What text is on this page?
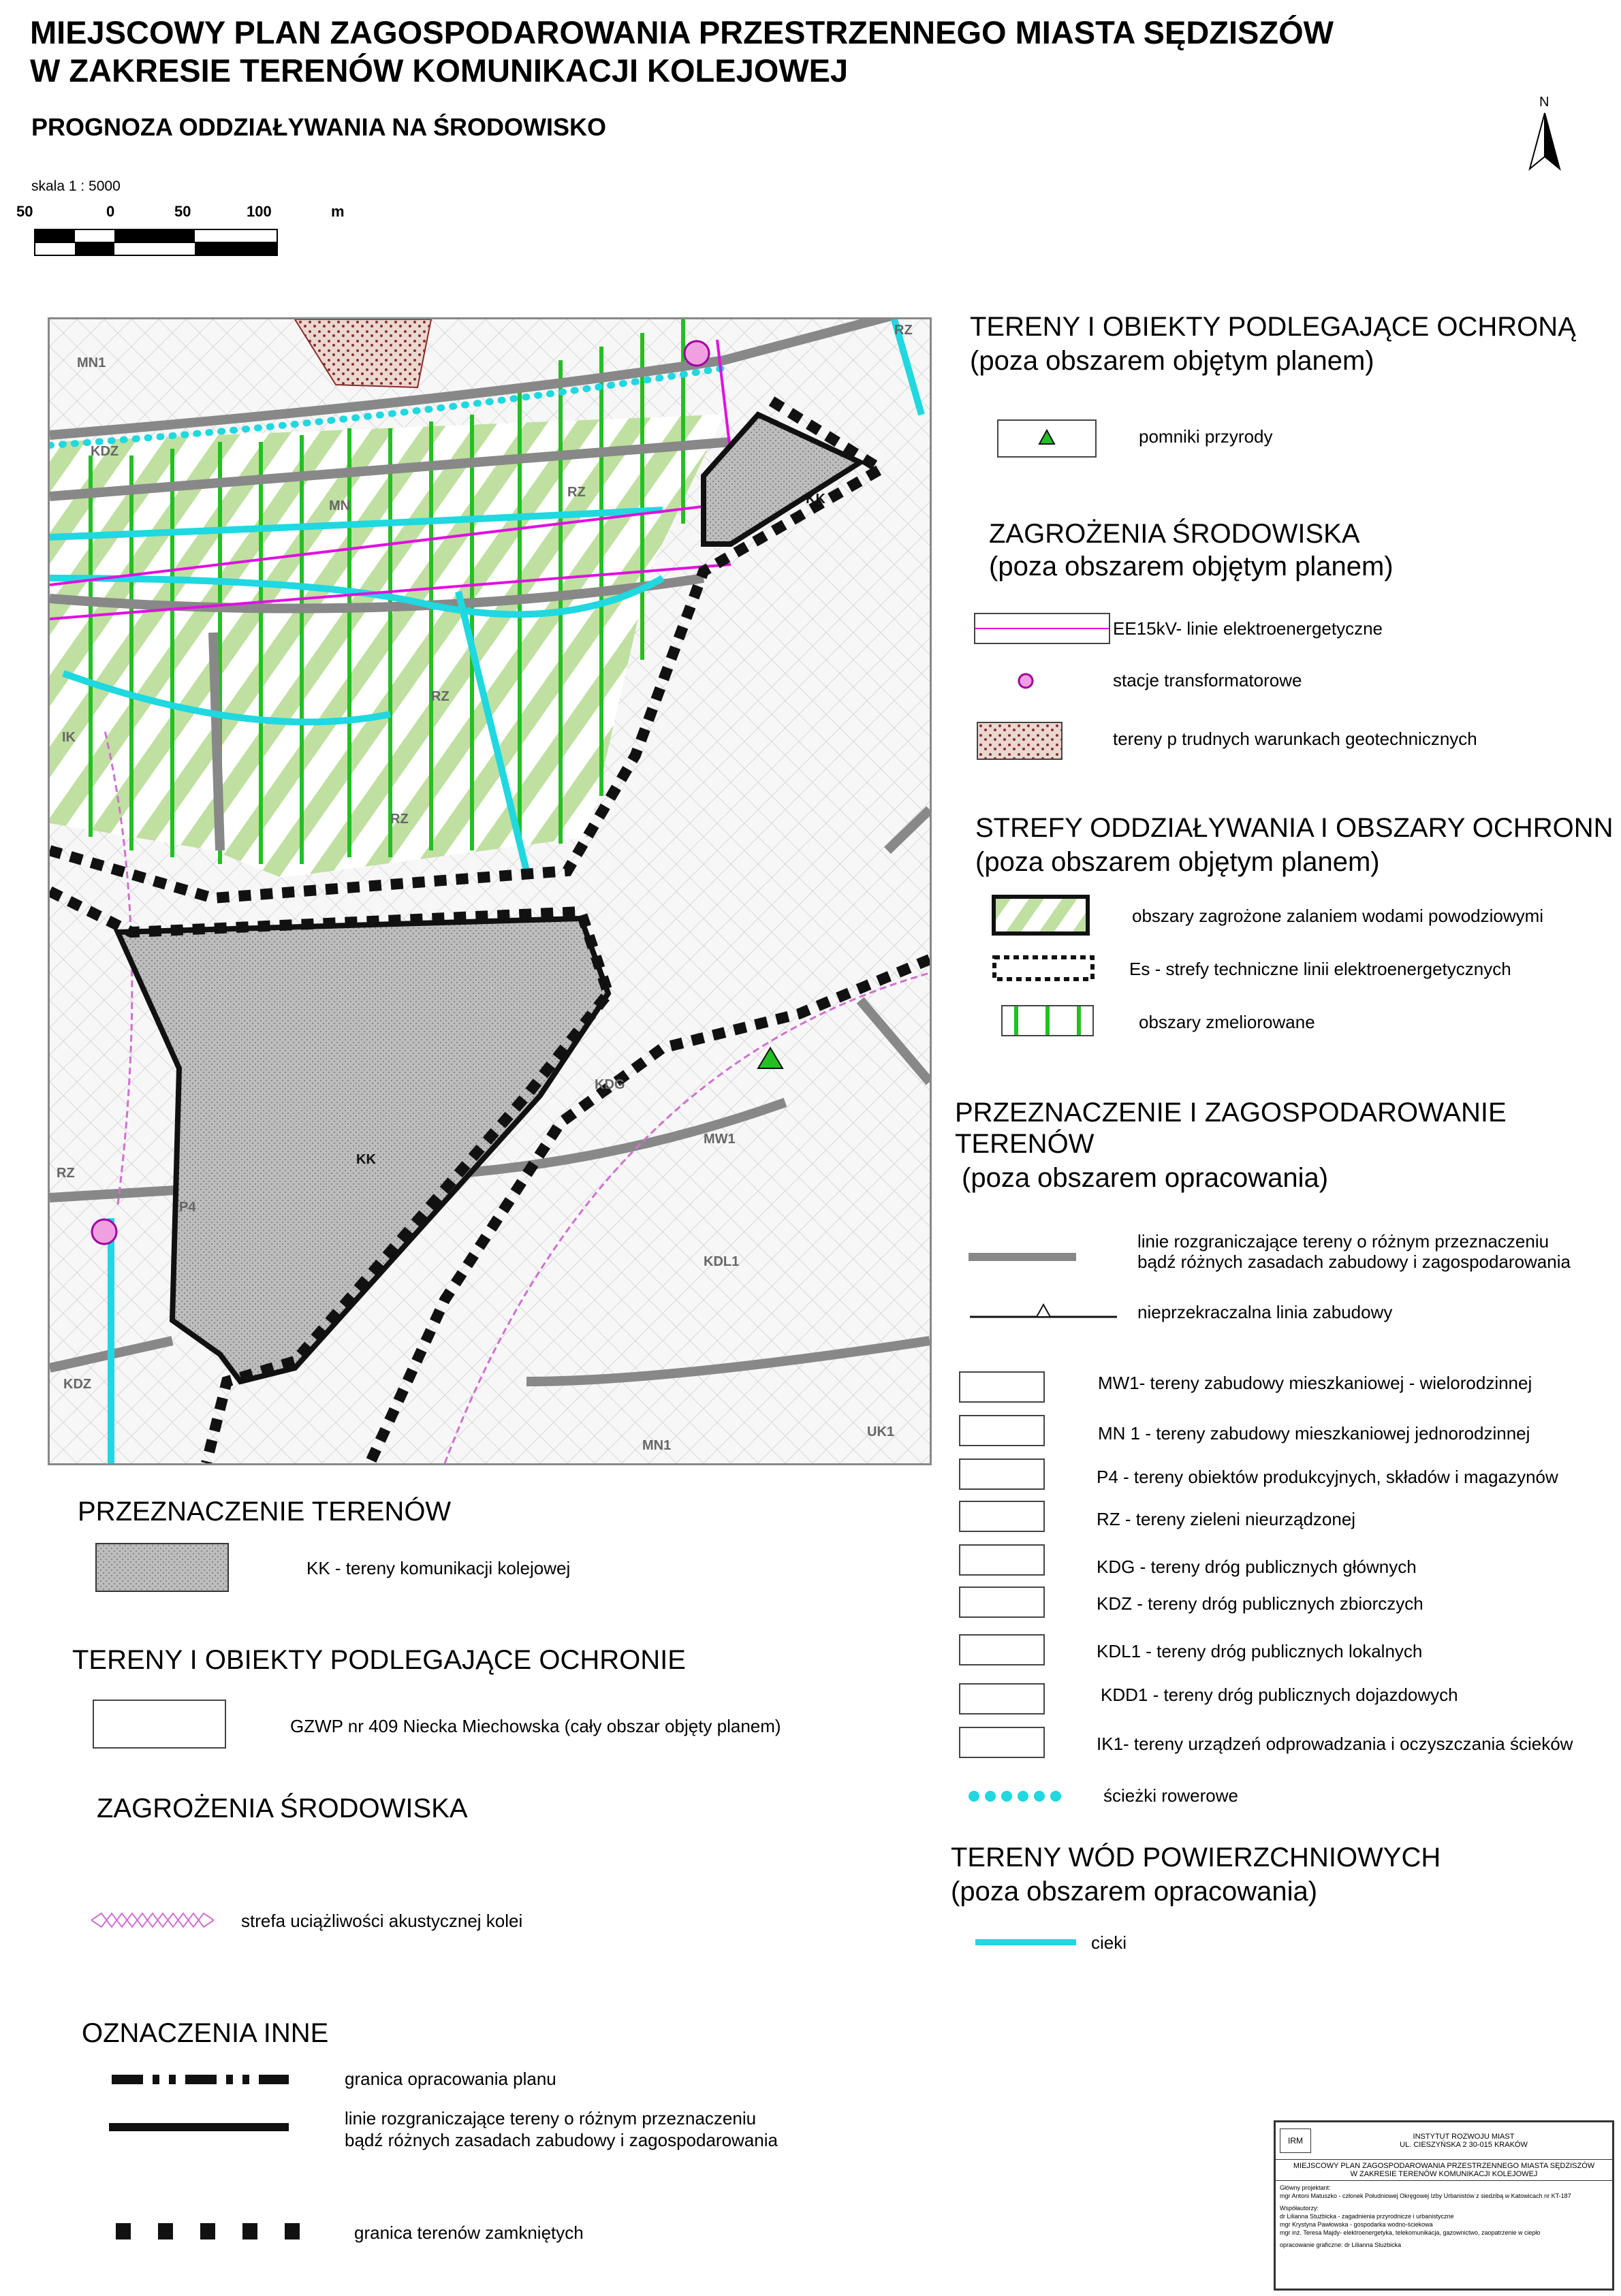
MIEJSCOWY PLAN ZAGOSPODAROWANIA PRZESTRZENNEGO MIASTA SĘDZISZÓW
W ZAKRESIE TERENÓW KOMUNIKACJI KOLEJOWEJ
PROGNOZA ODDZIAŁYWANIA NA ŚRODOWISKO
skala 1 : 5000
50	0	50	100	m
N
MN1
KDZ
MN
RZ
RZ
RZ
KK
IK
KK
P4
KDG
KDL1
MW1
UK1
KDZ
RZ
MN1
RZ TERENY I OBIEKTY PODLEGAJĄCE OCHRONĄ
(poza obszarem objętym planem)
pomniki przyrody
ZAGROŻENIA ŚRODOWISKA
(poza obszarem objętym planem)
EE15kV- linie elektroenergetyczne
stacje transformatorowe
tereny p trudnych warunkach geotechnicznych
STREFY ODDZIAŁYWANIA I OBSZARY OCHRONN
(poza obszarem objętym planem)
obszary zagrożone zalaniem wodami powodziowymi
Es - strefy techniczne linii elektroenergetycznych
obszary zmeliorowane
PRZEZNACZENIE I ZAGOSPODAROWANIE
TERENÓW
(poza obszarem opracowania)
linie rozgraniczające tereny o różnym przeznaczeniu
bądź różnych zasadach zabudowy i zagospodarowania
nieprzekraczalna linia zabudowy
MW1- tereny zabudowy mieszkaniowej - wielorodzinnej
MN 1 - tereny zabudowy mieszkaniowej jednorodzinnej
P4 - tereny obiektów produkcyjnych, składów i magazynów
RZ - tereny zieleni nieurządzonej
KDG - tereny dróg publicznych głównych
KDZ - tereny dróg publicznych zbiorczych
KDL1 - tereny dróg publicznych lokalnych
KDD1 - tereny dróg publicznych dojazdowych
IK1- tereny urządzeń odprowadzania i oczyszczania ścieków
ścieżki rowerowe
TERENY WÓD POWIERZCHNIOWYCH
(poza obszarem opracowania)
cieki
PRZEZNACZENIE TERENÓW
KK - tereny komunikacji kolejowej
TERENY I OBIEKTY PODLEGAJĄCE OCHRONIE
GZWP nr 409 Niecka Miechowska (cały obszar objęty planem)
ZAGROŻENIA ŚRODOWISKA
strefa uciążliwości akustycznej kolei
OZNACZENIA INNE
granica opracowania planu
linie rozgraniczające tereny o różnym przeznaczeniu
bądź różnych zasadach zabudowy i zagospodarowania
granica terenów zamkniętych
IRM	INSTYTUT ROZWOJU MIAST
UL. CIESZYŃSKA 2 30-015 KRAKÓW
MIEJSCOWY PLAN ZAGOSPODAROWANIA PRZESTRZENNEGO MIASTA SĘDZISZÓW
W ZAKRESIE TERENÓW KOMUNIKACJI KOLEJOWEJ
Główny projektant:
mgr Antoni Matuszko - członek Południowej Okręgowej Izby Urbanistów z siedzibą w Katowicach nr KT-187
Współautorzy:
dr Lilianna Stużbicka - zagadnienia przyrodnicze i urbanistyczne
mgr Krystyna Pawłowska - gospodarka wodno-ściekowa
mgr inż. Teresa Majdy- elektroenergetyka, telekomunikacja, gazownictwo, zaopatrzenie w ciepło
opracowanie graficzne: dr Lilianna Stużbicka
